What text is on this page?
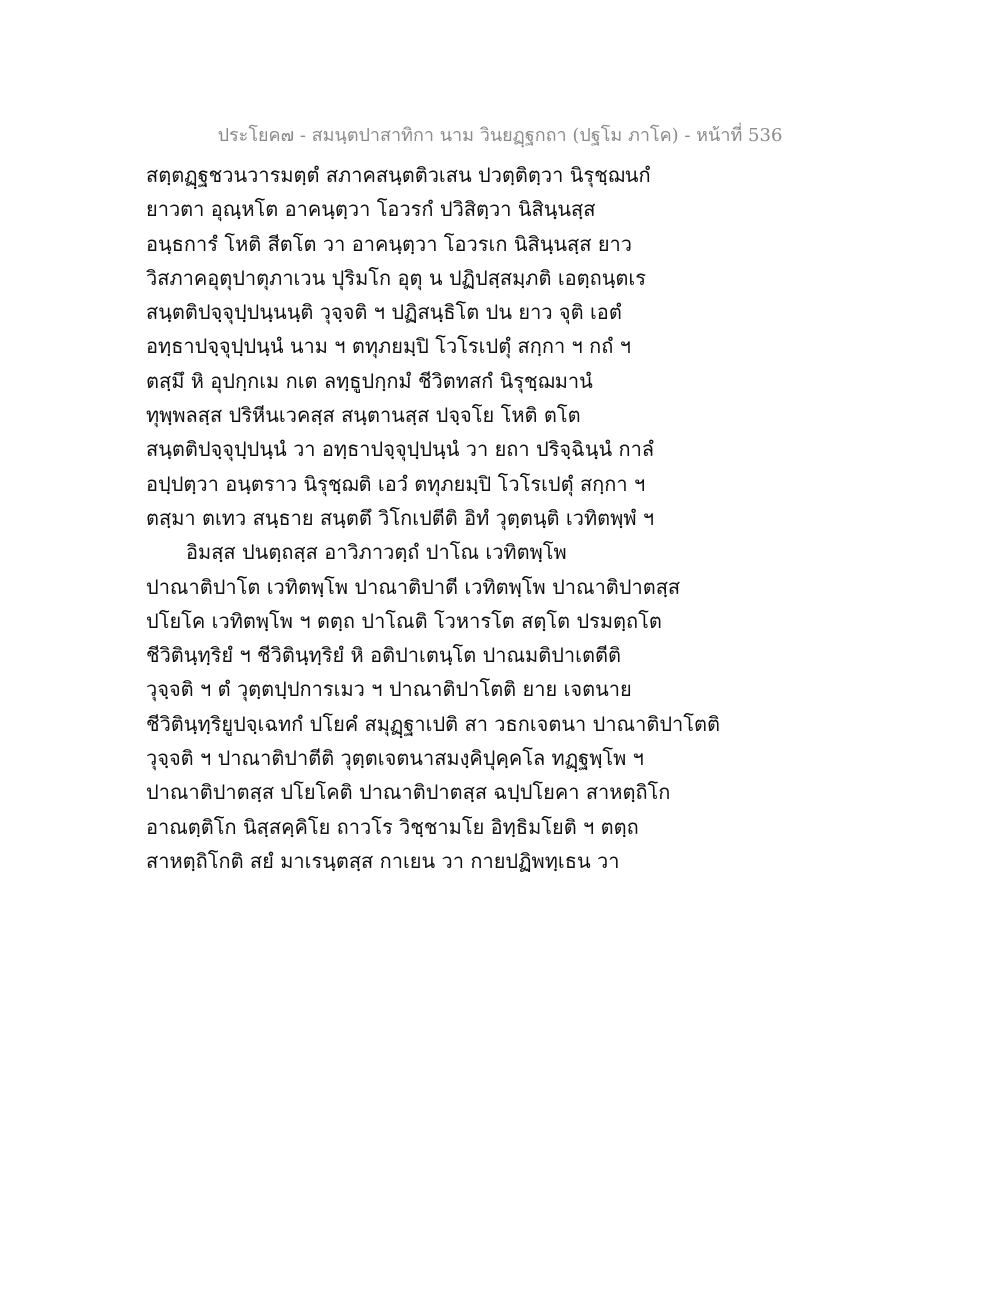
ประโยค๗ - สมนฺตปาสาทิกา นาม วินยฏฺฐกถา (ปฐโม ภาโค) - หน้าที่ 536
สตฺตฏฺฐชวนวารมตฺตํ สภาคสนฺตติวเสน ปวตฺติตฺวา นิรุชฺฌนกํ
ยาวตา อุณฺหโต อาคนฺตฺวา โอวรกํ ปวิสิตฺวา นิสินฺนสฺส
อนฺธการํ โหติ สีตโต วา อาคนฺตฺวา โอวรเก นิสินฺนสฺส ยาว
วิสภาคอุตุปาตุภาเวน ปุริมโก อุตุ น ปฏิปสฺสมฺภติ เอตฺถนฺตเร
สนฺตติปจฺจุปฺปนฺนนฺติ วุจฺจติ ฯ ปฏิสนฺธิโต ปน ยาว จุติ เอตํ
อทฺธาปจฺจุปฺปนฺนํ นาม ฯ ตทุภยมฺปิ โวโรเปตุํ สกฺกา ฯ กถํ ฯ
ตสฺมึ หิ อุปกฺกเม กเต ลทฺธูปกฺกมํ ชีวิตทสกํ นิรุชฺฌมานํ
ทุพฺพลสฺส ปริหีนเวคสฺส สนฺตานสฺส ปจฺจโย โหติ ตโต
สนฺตติปจฺจุปฺปนฺนํ วา อทฺธาปจฺจุปฺปนฺนํ วา ยถา ปริจฺฉินฺนํ กาลํ
อปฺปตฺวา อนฺตราว นิรุชฺฌติ เอวํ ตทุภยมฺปิ โวโรเปตุํ สกฺกา ฯ
ตสฺมา ตเทว สนฺธาย สนฺตตึ วิโกเปตีติ อิทํ วุตฺตนฺติ เวทิตพฺพํ ฯ
อิมสฺส ปนตฺถสฺส อาวิภาวตฺถํ ปาโณ เวทิตพฺโพ
ปาณาติปาโต เวทิตพฺโพ ปาณาติปาตี เวทิตพฺโพ ปาณาติปาตสฺส
ปโยโค เวทิตพฺโพ ฯ ตตฺถ ปาโณติ โวหารโต สตฺโต ปรมตฺถโต
ชีวิตินฺทฺริยํ ฯ ชีวิตินฺทฺริยํ หิ อติปาเตนฺโต ปาณมติปาเตตีติ
วุจฺจติ ฯ ตํ วุตฺตปฺปการเมว ฯ ปาณาติปาโตติ ยาย เจตนาย
ชีวิตินฺทฺริยูปจฺเฉทกํ ปโยคํ สมุฏฺฐาเปติ สา วธกเจตนา ปาณาติปาโตติ
วุจฺจติ ฯ ปาณาติปาตีติ วุตฺตเจตนาสมงฺคิปุคฺคโล ทฏฺฐพฺโพ ฯ
ปาณาติปาตสฺส ปโยโคติ ปาณาติปาตสฺส ฉปฺปโยคา สาหตฺถิโก
อาณตฺติโก นิสฺสคฺคิโย ถาวโร วิชฺชามโย อิทฺธิมโยติ ฯ ตตฺถ
สาหตฺถิโกติ สยํ มาเรนฺตสฺส กาเยน วา กายปฏิพทฺเธน วา
